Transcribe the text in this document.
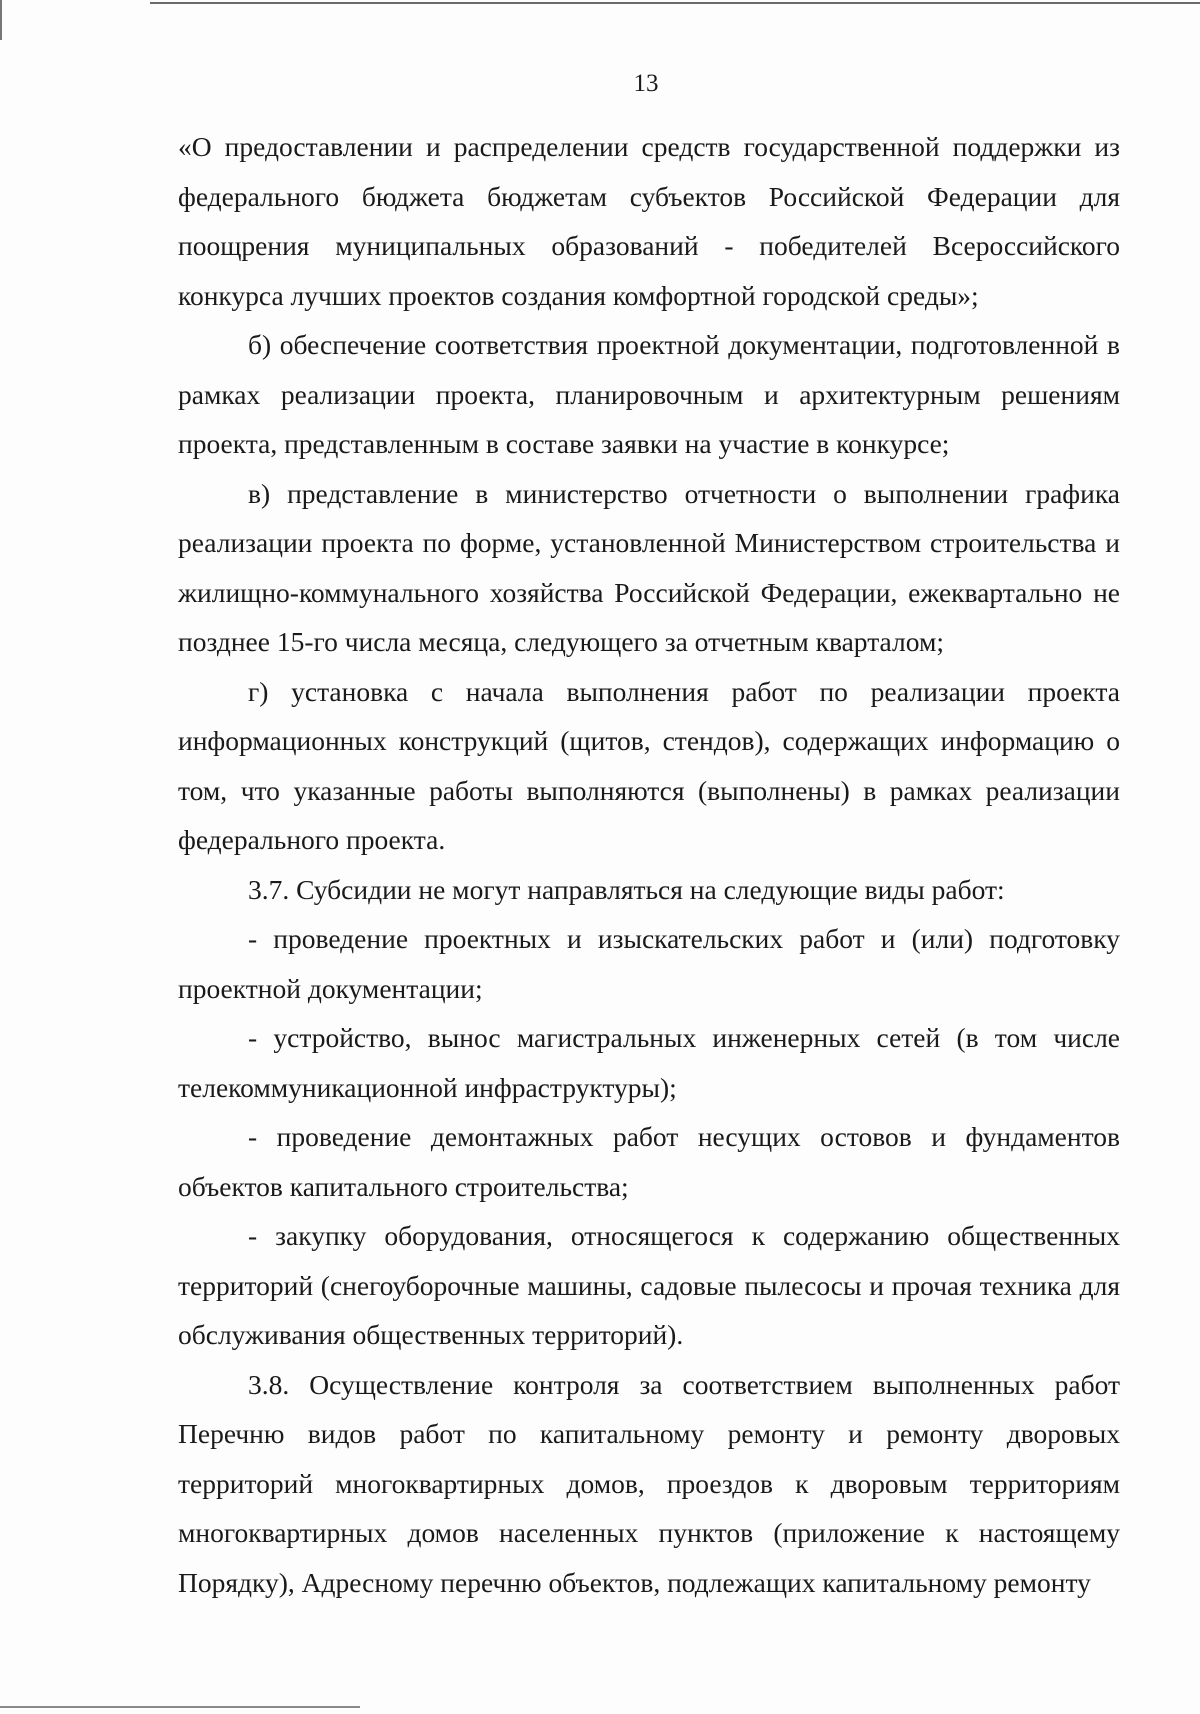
13

«О предоставлении и распределении средств государственной поддержки из федерального бюджета бюджетам субъектов Российской Федерации для поощрения муниципальных образований - победителей Всероссийского конкурса лучших проектов создания комфортной городской среды»;

б) обеспечение соответствия проектной документации, подготовленной в рамках реализации проекта, планировочным и архитектурным решениям проекта, представленным в составе заявки на участие в конкурсе;

в) представление в министерство отчетности о выполнении графика реализации проекта по форме, установленной Министерством строительства и жилищно-коммунального хозяйства Российской Федерации, ежеквартально не позднее 15-го числа месяца, следующего за отчетным кварталом;

г) установка с начала выполнения работ по реализации проекта информационных конструкций (щитов, стендов), содержащих информацию о том, что указанные работы выполняются (выполнены) в рамках реализации федерального проекта.

3.7. Субсидии не могут направляться на следующие виды работ:

- проведение проектных и изыскательских работ и (или) подготовку проектной документации;

- устройство, вынос магистральных инженерных сетей (в том числе телекоммуникационной инфраструктуры);

- проведение демонтажных работ несущих остовов и фундаментов объектов капитального строительства;

- закупку оборудования, относящегося к содержанию общественных территорий (снегоуборочные машины, садовые пылесосы и прочая техника для обслуживания общественных территорий).

3.8. Осуществление контроля за соответствием выполненных работ Перечню видов работ по капитальному ремонту и ремонту дворовых территорий многоквартирных домов, проездов к дворовым территориям многоквартирных домов населенных пунктов (приложение к настоящему Порядку), Адресному перечню объектов, подлежащих капитальному ремонту
